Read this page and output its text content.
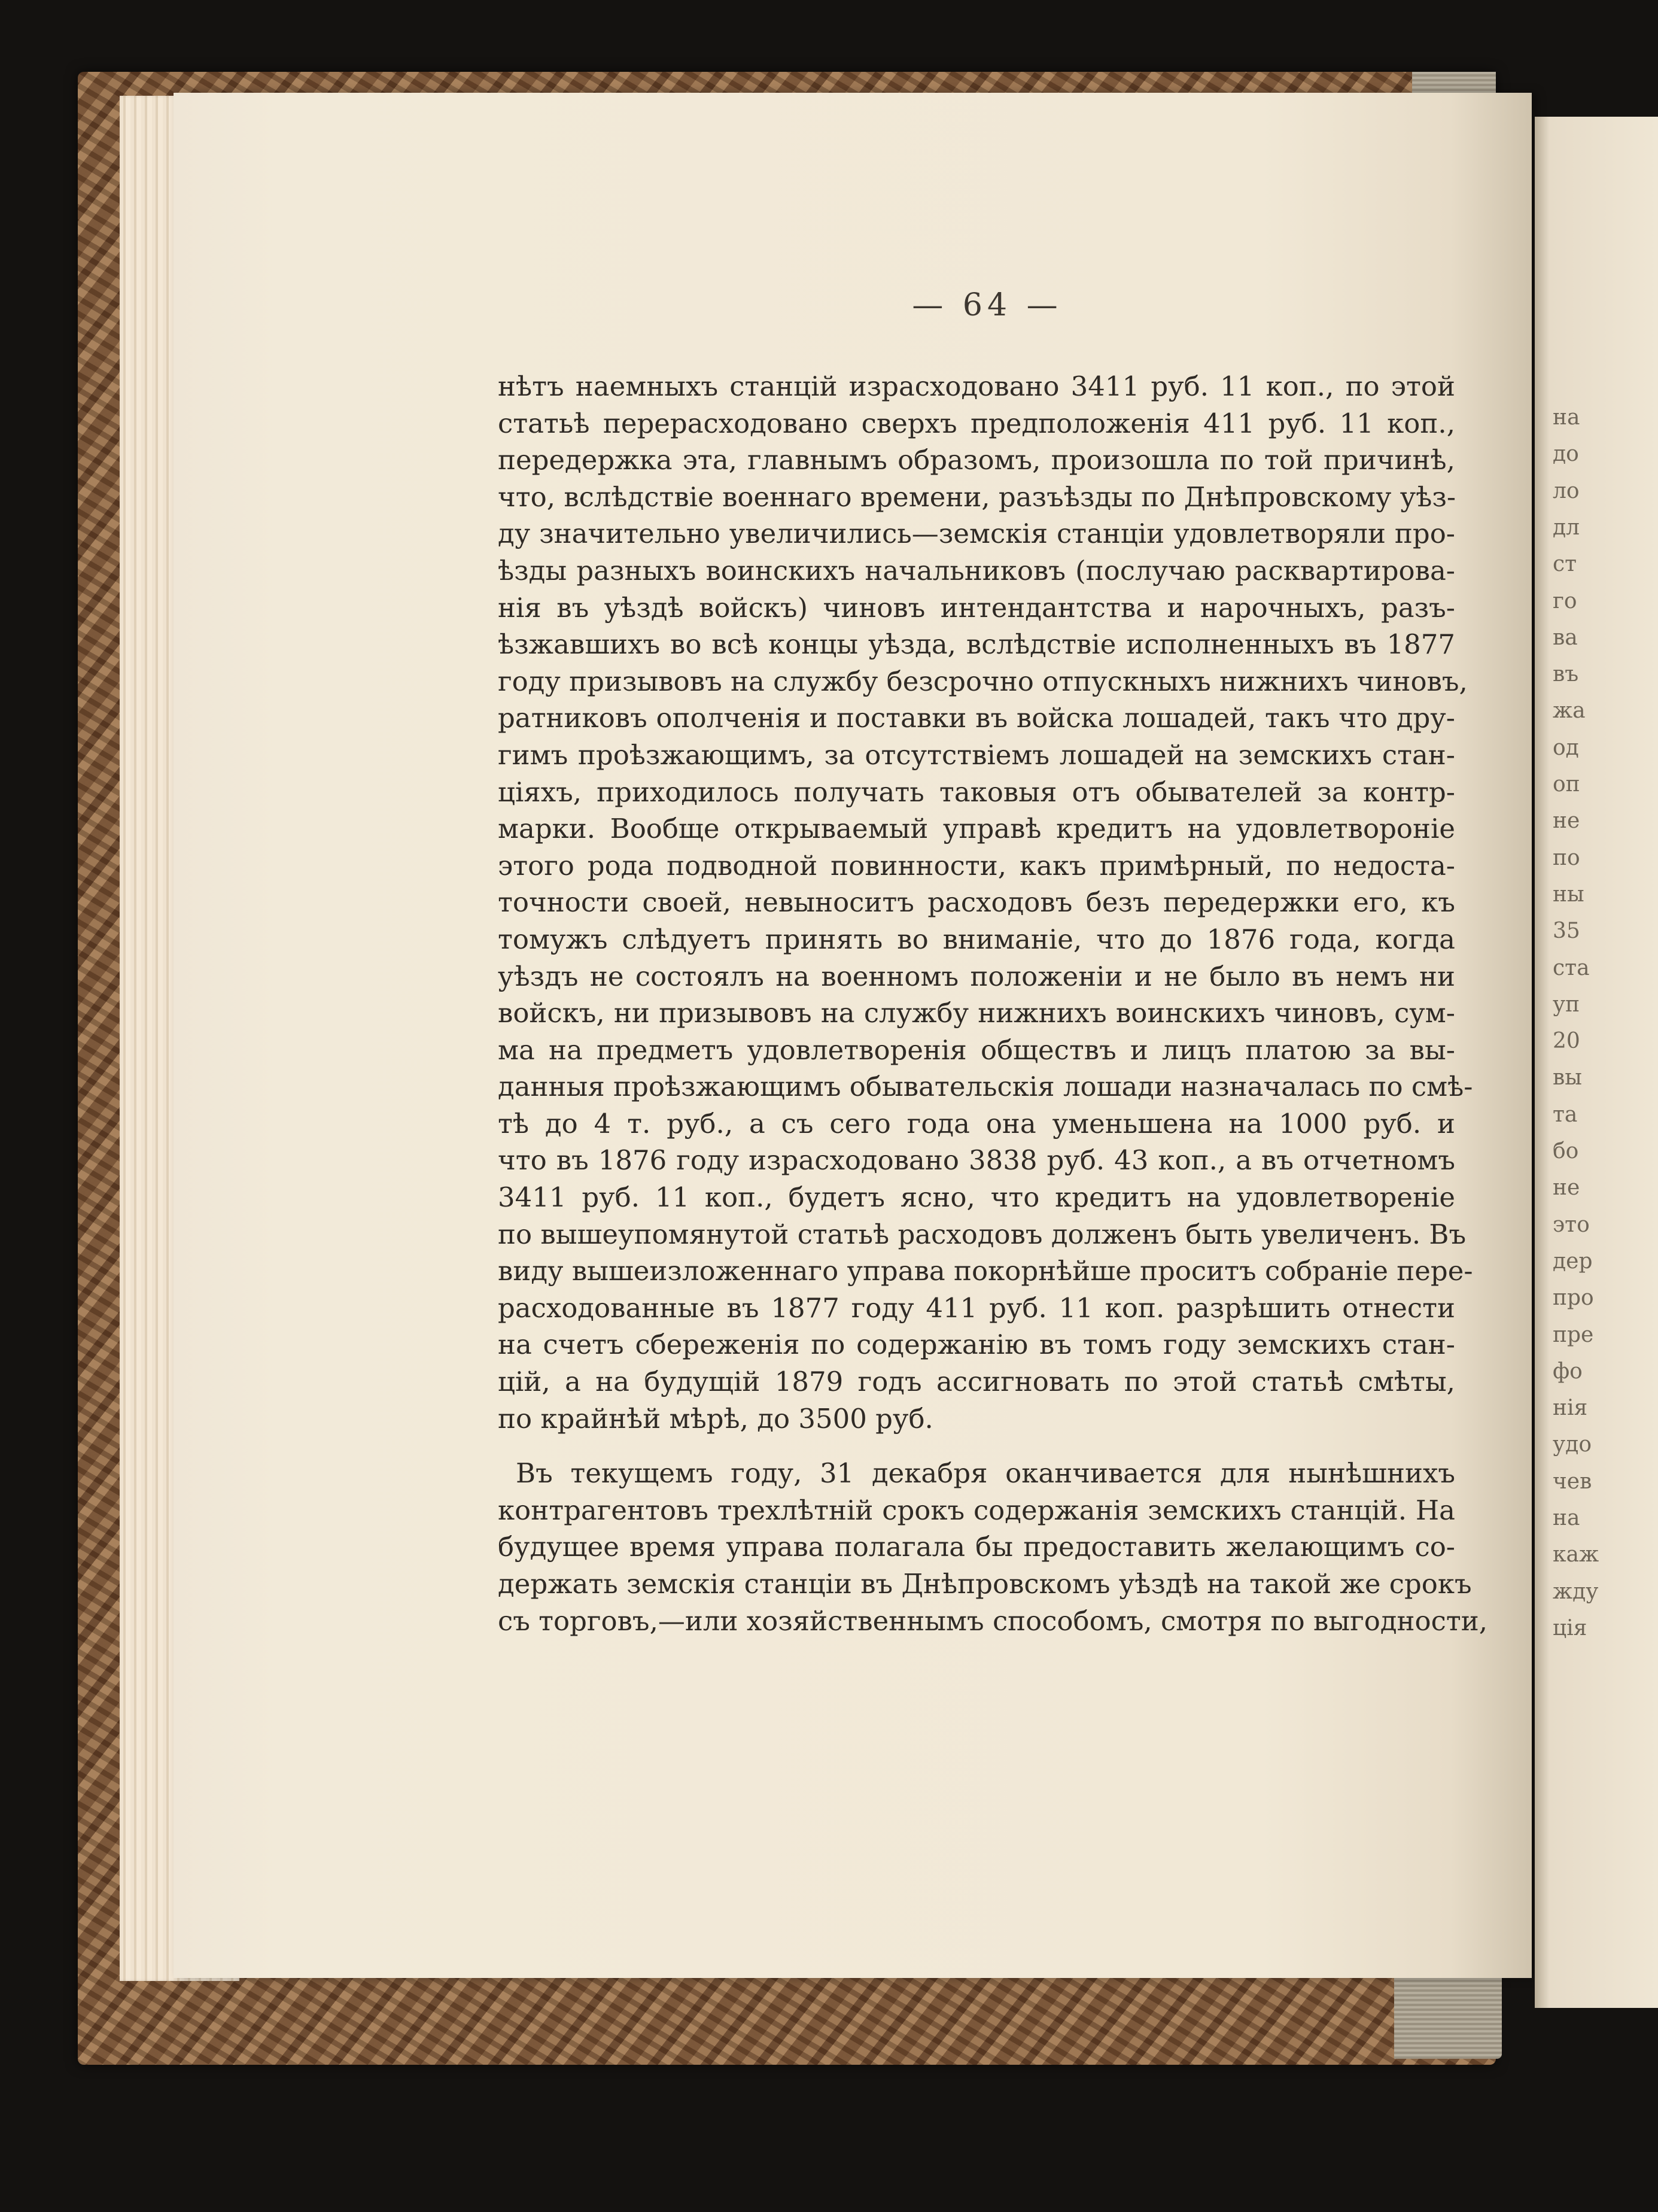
на
до
ло
дл
ст
го
ва
въ
жа
од
оп
не
по
ны
35
ста
уп
20
вы
та
бо
не
это
дер
про
пре
фо
нія
удо
чев
на
каж
жду
ція
— 64 —
нѣтъ наемныхъ станцій израсходовано 3411 руб. 11 коп., по этой
статьѣ перерасходовано сверхъ предположенія 411 руб. 11 коп.,
передержка эта, главнымъ образомъ, произошла по той причинѣ,
что, вслѣдствіе военнаго времени, разъѣзды по Днѣпровскому уѣз-
ду значительно увеличились—земскія станціи удовлетворяли про-
ѣзды разныхъ воинскихъ начальниковъ (послучаю расквартирова-
нія въ уѣздѣ войскъ) чиновъ интендантства и нарочныхъ, разъ-
ѣзжавшихъ во всѣ концы уѣзда, вслѣдствіе исполненныхъ въ 1877
году призывовъ на службу безсрочно отпускныхъ нижнихъ чиновъ,
ратниковъ ополченія и поставки въ войска лошадей, такъ что дру-
гимъ проѣзжающимъ, за отсутствіемъ лошадей на земскихъ стан-
ціяхъ, приходилось получать таковыя отъ обывателей за контр-
марки. Вообще открываемый управѣ кредитъ на удовлетвороніе
этого рода подводной повинности, какъ примѣрный, по недоста-
точности своей, невыноситъ расходовъ безъ передержки его, къ
томужъ слѣдуетъ принять во вниманіе, что до 1876 года, когда
уѣздъ не состоялъ на военномъ положеніи и не было въ немъ ни
войскъ, ни призывовъ на службу нижнихъ воинскихъ чиновъ, сум-
ма на предметъ удовлетворенія обществъ и лицъ платою за вы-
данныя проѣзжающимъ обывательскія лошади назначалась по смѣ-
тѣ до 4 т. руб., а съ сего года она уменьшена на 1000 руб. и
что въ 1876 году израсходовано 3838 руб. 43 коп., а въ отчетномъ
3411 руб. 11 коп., будетъ ясно, что кредитъ на удовлетвореніе
по вышеупомянутой статьѣ расходовъ долженъ быть увеличенъ. Въ
виду вышеизложеннаго управа покорнѣйше проситъ собраніе пере-
расходованные въ 1877 году 411 руб. 11 коп. разрѣшить отнести
на счетъ сбереженія по содержанію въ томъ году земскихъ стан-
цій, а на будущій 1879 годъ ассигновать по этой статьѣ смѣты,
по крайнѣй мѣрѣ, до 3500 руб.
Въ текущемъ году, 31 декабря оканчивается для нынѣшнихъ
контрагентовъ трехлѣтній срокъ содержанія земскихъ станцій. На
будущее время управа полагала бы предоставить желающимъ со-
держать земскія станціи въ Днѣпровскомъ уѣздѣ на такой же срокъ
съ торговъ,—или хозяйственнымъ способомъ, смотря по выгодности,
